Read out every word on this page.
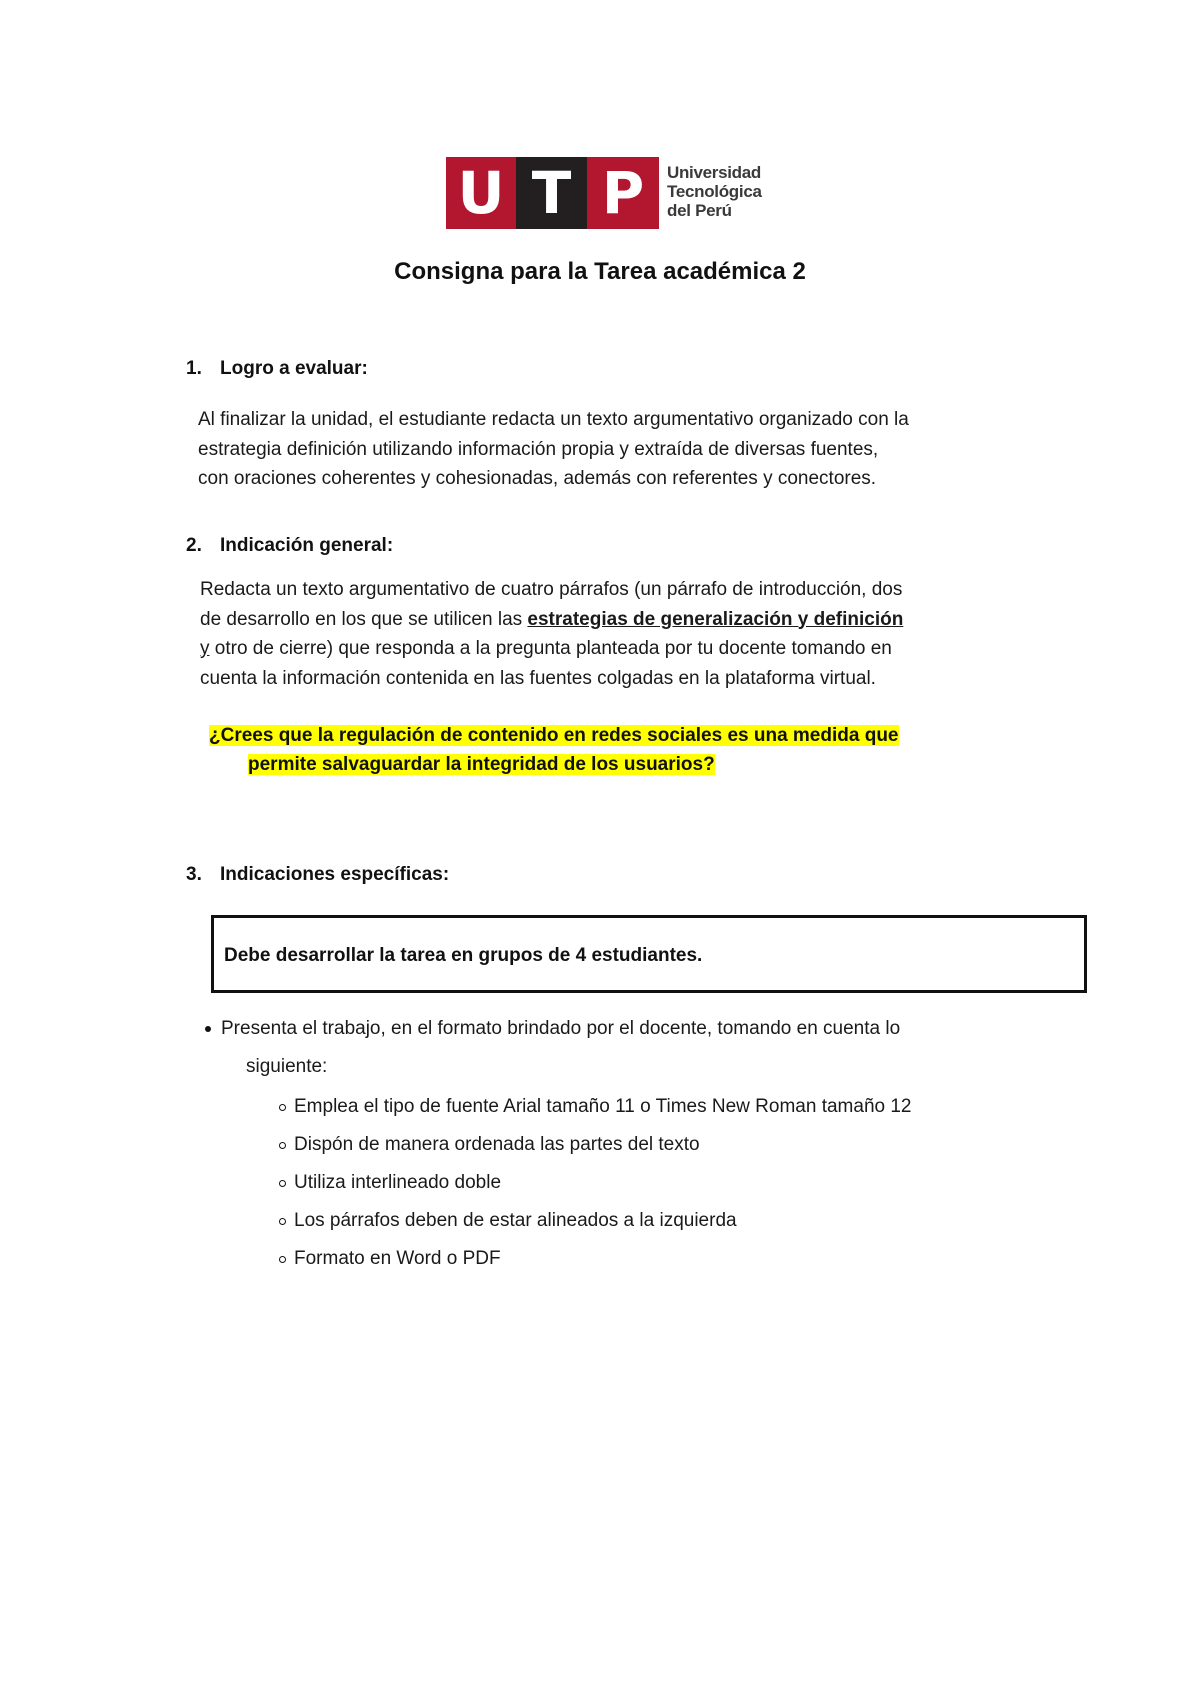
U T P	Universidad
Tecnológica
del Perú
Consigna para la Tarea académica 2
1. Logro a evaluar:
Al finalizar la unidad, el estudiante redacta un texto argumentativo organizado con la
estrategia definición utilizando información propia y extraída de diversas fuentes,
con oraciones coherentes y cohesionadas, además con referentes y conectores.
2. Indicación general:
Redacta un texto argumentativo de cuatro párrafos (un párrafo de introducción, dos
de desarrollo en los que se utilicen las estrategias de generalización y definición
y otro de cierre) que responda a la pregunta planteada por tu docente tomando en
cuenta la información contenida en las fuentes colgadas en la plataforma virtual.
¿Crees que la regulación de contenido en redes sociales es una medida que
permite salvaguardar la integridad de los usuarios?
3. Indicaciones específicas:
Debe desarrollar la tarea en grupos de 4 estudiantes.
Presenta el trabajo, en el formato brindado por el docente, tomando en cuenta lo
siguiente:
Emplea el tipo de fuente Arial tamaño 11 o Times New Roman tamaño 12
Dispón de manera ordenada las partes del texto
Utiliza interlineado doble
Los párrafos deben de estar alineados a la izquierda
Formato en Word o PDF
